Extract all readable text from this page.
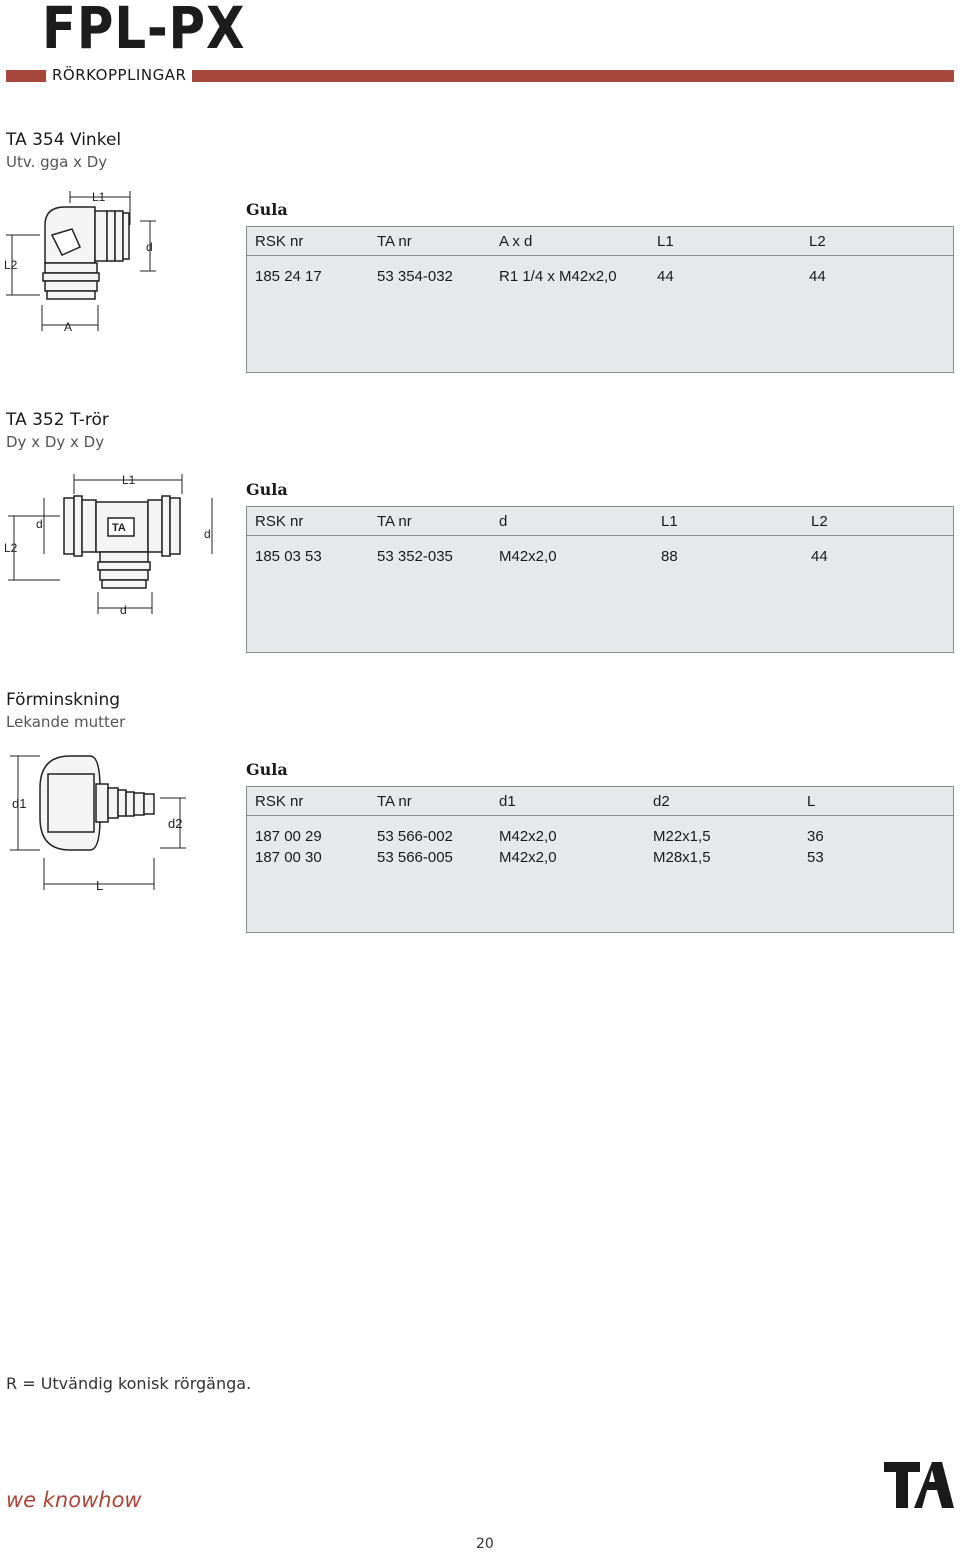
FPL-PX
RÖRKOPPLINGAR
TA 354 Vinkel
Utv. gga x Dy
L2
L1
d
A
Gula
RSK nr	TA nr	A x d	L1	L2
185 24 17	53 354-032	R1 1/4 x M42x2,0	44	44
TA 352 T-rör
Dy x Dy x Dy
TA
L2
L1
d
d
d
Gula
RSK nr	TA nr	d	L1	L2
185 03 53	53 352-035	M42x2,0	88	44
Förminskning
Lekande mutter
d1
d2
L
Gula
RSK nr	TA nr	d1	d2	L
187 00 29	53 566-002	M42x2,0	M22x1,5	36
187 00 30	53 566-005	M42x2,0	M28x1,5	53
R = Utvändig konisk rörgänga.
we knowhow
20
